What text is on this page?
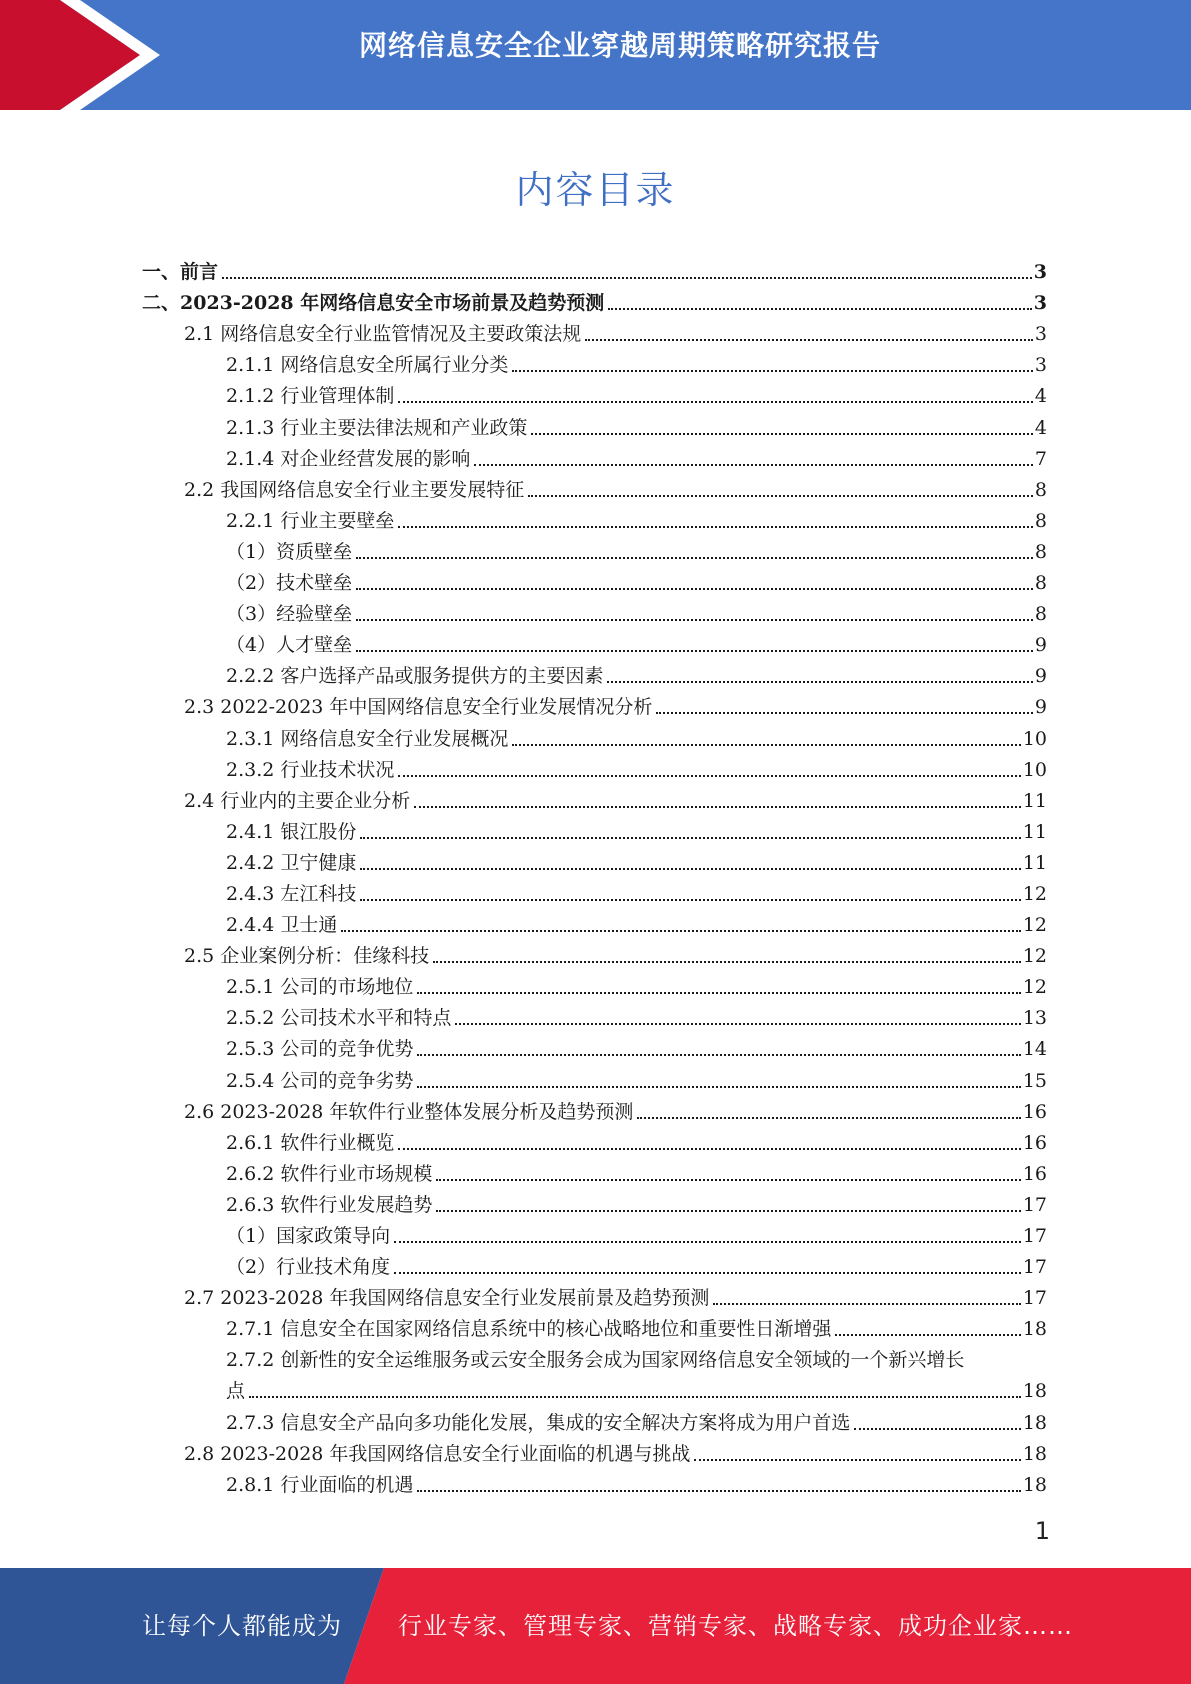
网络信息安全企业穿越周期策略研究报告
内容目录
一、前言	3
二、2023-2028 年网络信息安全市场前景及趋势预测	3
2.1 网络信息安全行业监管情况及主要政策法规	3
2.1.1 网络信息安全所属行业分类	3
2.1.2 行业管理体制	4
2.1.3 行业主要法律法规和产业政策	4
2.1.4 对企业经营发展的影响	7
2.2 我国网络信息安全行业主要发展特征	8
2.2.1 行业主要壁垒	8
（1）资质壁垒	8
（2）技术壁垒	8
（3）经验壁垒	8
（4）人才壁垒	9
2.2.2 客户选择产品或服务提供方的主要因素	9
2.3 2022-2023 年中国网络信息安全行业发展情况分析	9
2.3.1 网络信息安全行业发展概况	10
2.3.2 行业技术状况	10
2.4 行业内的主要企业分析	11
2.4.1 银江股份	11
2.4.2 卫宁健康	11
2.4.3 左江科技	12
2.4.4 卫士通	12
2.5 企业案例分析：佳缘科技	12
2.5.1 公司的市场地位	12
2.5.2 公司技术水平和特点	13
2.5.3 公司的竞争优势	14
2.5.4 公司的竞争劣势	15
2.6 2023-2028 年软件行业整体发展分析及趋势预测	16
2.6.1 软件行业概览	16
2.6.2 软件行业市场规模	16
2.6.3 软件行业发展趋势	17
（1）国家政策导向	17
（2）行业技术角度	17
2.7 2023-2028 年我国网络信息安全行业发展前景及趋势预测	17
2.7.1 信息安全在国家网络信息系统中的核心战略地位和重要性日渐增强	18
2.7.2 创新性的安全运维服务或云安全服务会成为国家网络信息安全领域的一个新兴增长
点	18
2.7.3 信息安全产品向多功能化发展，集成的安全解决方案将成为用户首选	18
2.8 2023-2028 年我国网络信息安全行业面临的机遇与挑战	18
2.8.1 行业面临的机遇	18
1
让每个人都能成为 行业专家、管理专家、营销专家、战略专家、成功企业家……
